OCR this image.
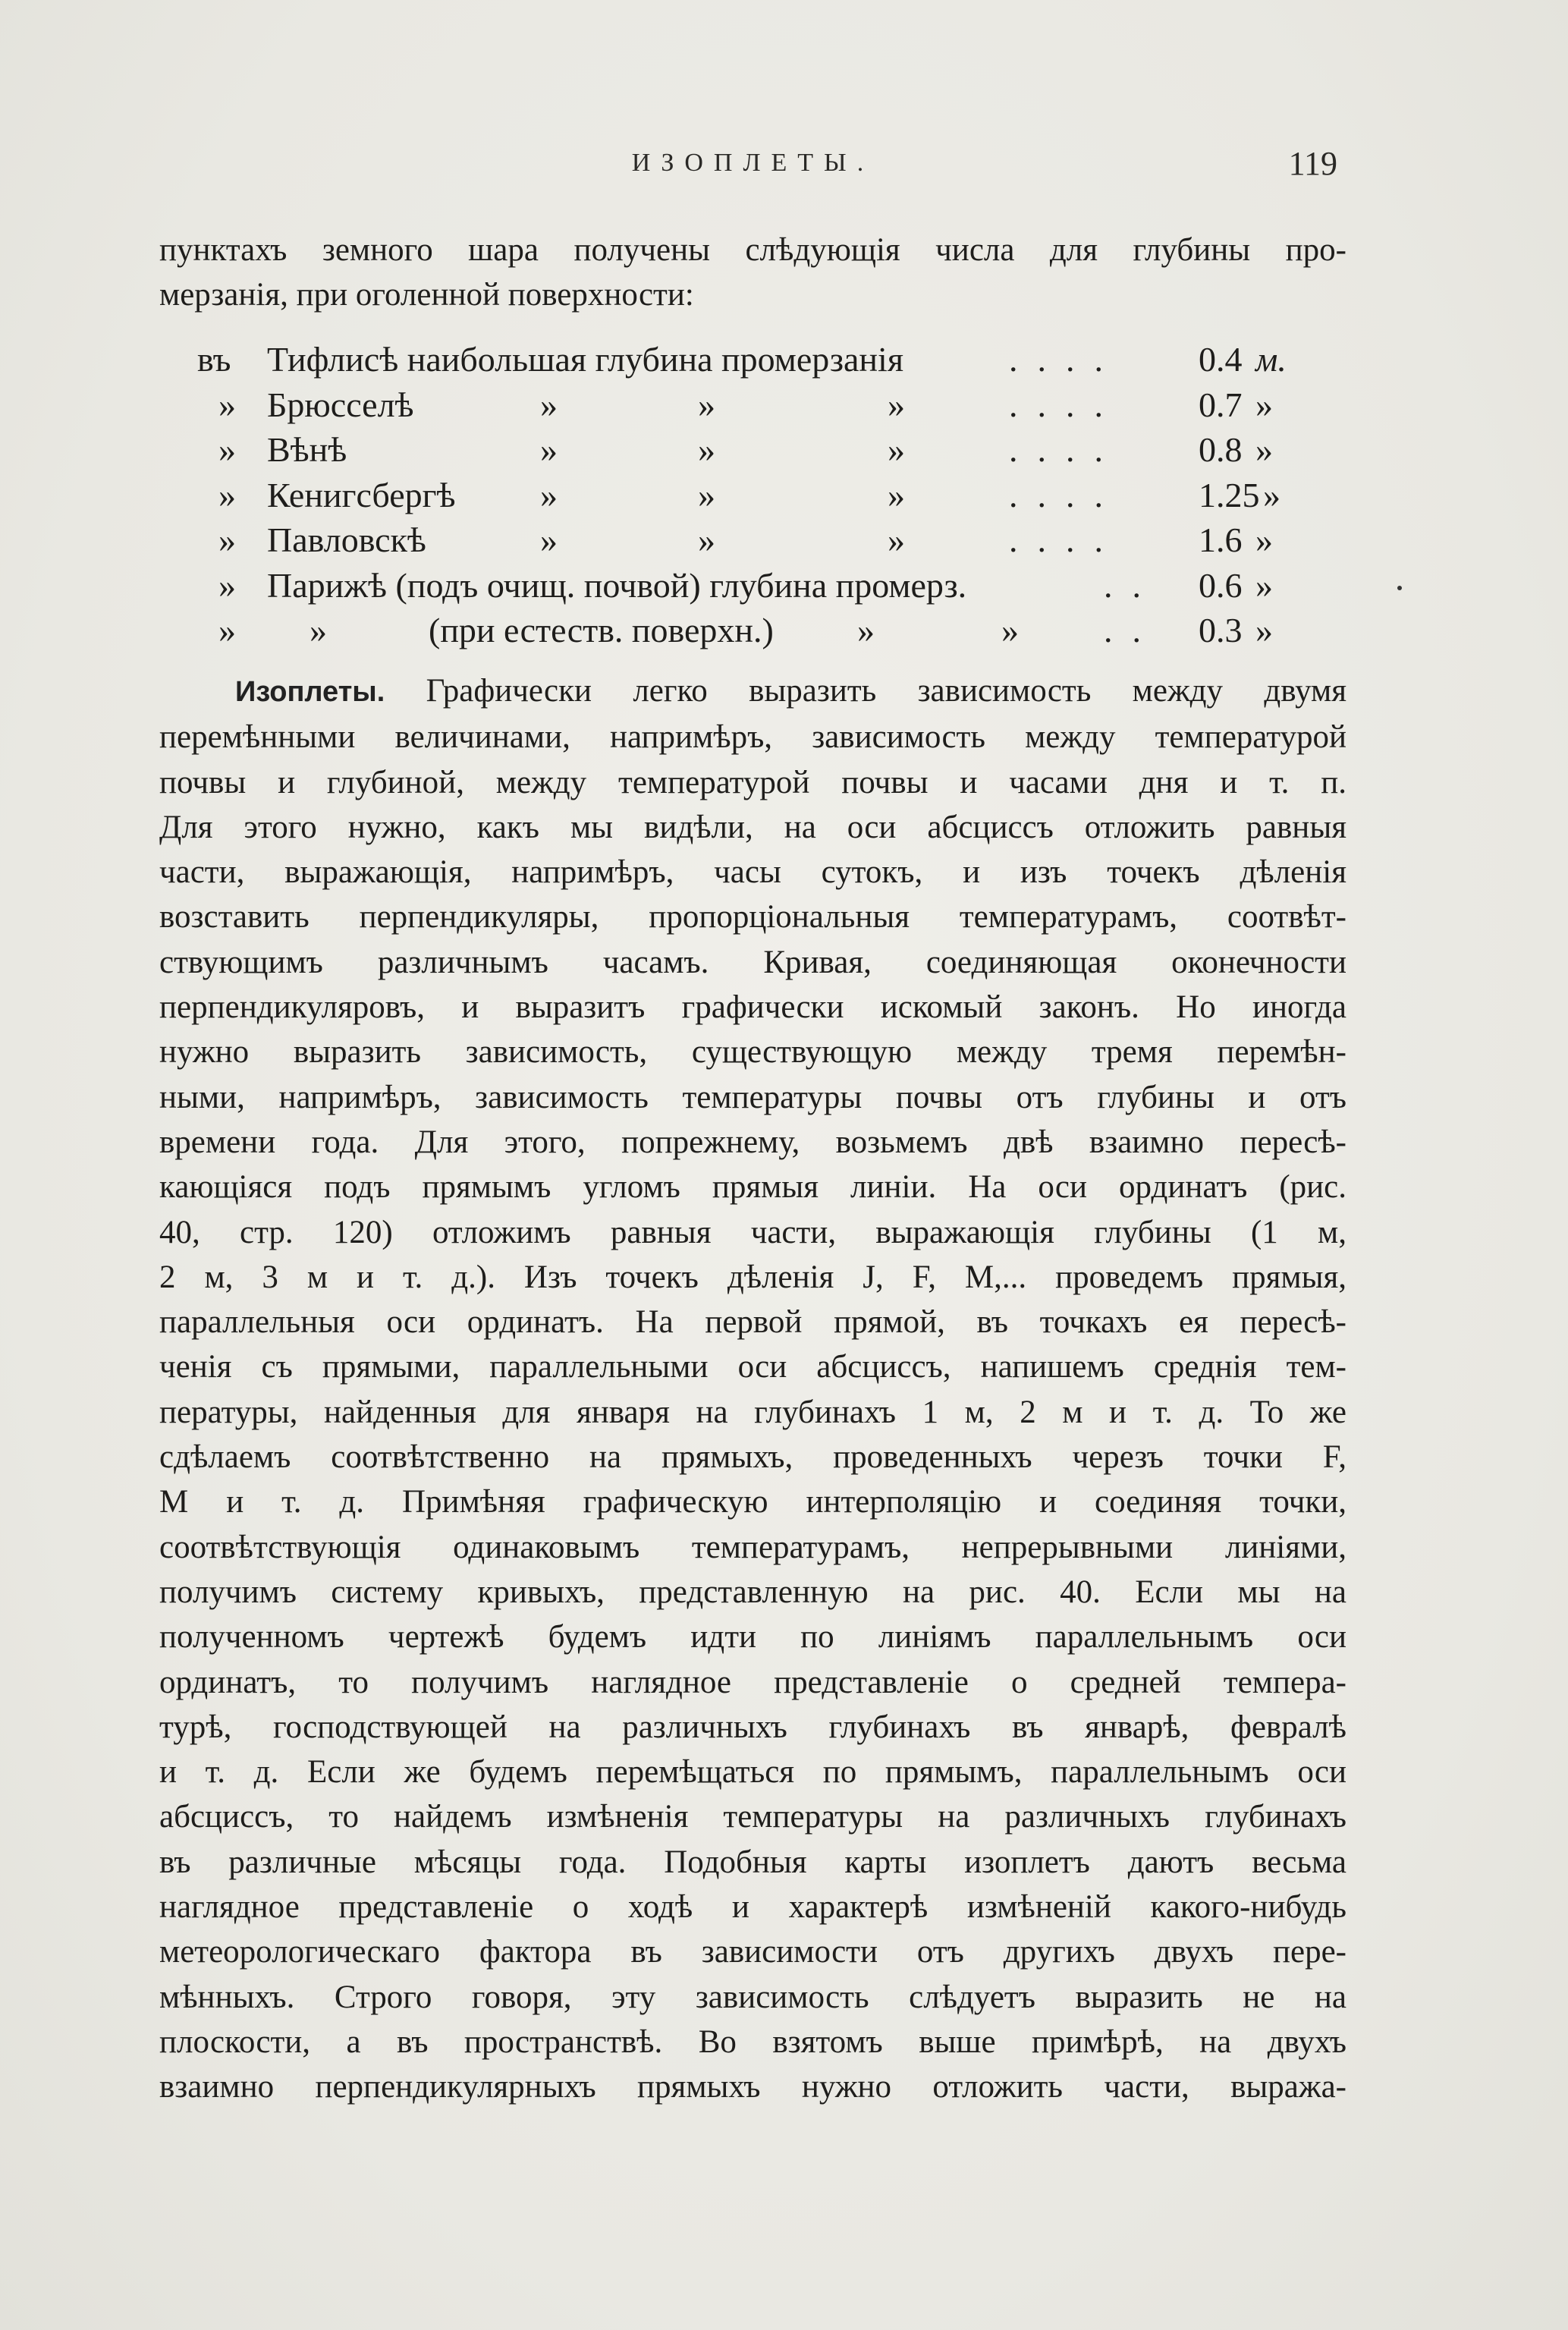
ИЗОПЛЕТЫ.	119
пунктахъ земного шара получены слѣдующія числа для глубины про-
мерзанія, при оголенной поверхности:
въ Тифлисѣ наибольшая глубина промерзанія	.... 0.4 м.
» Брюсселѣ	»	»	»	.... 0.7 »
» Вѣнѣ	»	»	»	.... 0.8 »
» Кенигсбергѣ »	»	»	.... 1.25 »
» Павловскѣ	»	»	»	.... 1.6 »
» Парижѣ (подъ очищ. почвой) глубина промерз.	.. 0.6 »
» »	(при естеств. поверхн.) »	» .. 0.3 »
Изоплеты. Графически легко выразить зависимость между двумя
перемѣнными величинами, напримѣръ, зависимость между температурой
почвы и глубиной, между температурой почвы и часами дня и т. п.
Для этого нужно, какъ мы видѣли, на оси абсциссъ отложить равныя
части, выражающія, напримѣръ, часы сутокъ, и изъ точекъ дѣленія
возставить перпендикуляры, пропорціональныя температурамъ, соотвѣт-
ствующимъ различнымъ часамъ. Кривая, соединяющая оконечности
перпендикуляровъ, и выразитъ графически искомый законъ. Но иногда
нужно выразить зависимость, существующую между тремя перемѣн-
ными, напримѣръ, зависимость температуры почвы отъ глубины и отъ
времени года. Для этого, попрежнему, возьмемъ двѣ взаимно пересѣ-
кающіяся подъ прямымъ угломъ прямыя линіи. На оси ординатъ (рис.
40, стр. 120) отложимъ равныя части, выражающія глубины (1 м,
2 м, 3 м и т. д.). Изъ точекъ дѣленія J, F, M,... проведемъ прямыя,
параллельныя оси ординатъ. На первой прямой, въ точкахъ ея пересѣ-
ченія съ прямыми, параллельными оси абсциссъ, напишемъ среднія тем-
пературы, найденныя для января на глубинахъ 1 м, 2 м и т. д. То же
сдѣлаемъ соотвѣтственно на прямыхъ, проведенныхъ черезъ точки F,
M и т. д. Примѣняя графическую интерполяцію и соединяя точки,
соотвѣтствующія одинаковымъ температурамъ, непрерывными линіями,
получимъ систему кривыхъ, представленную на рис. 40. Если мы на
полученномъ чертежѣ будемъ идти по линіямъ параллельнымъ оси
ординатъ, то получимъ наглядное представленіе о средней темпера-
турѣ, господствующей на различныхъ глубинахъ въ январѣ, февралѣ
и т. д. Если же будемъ перемѣщаться по прямымъ, параллельнымъ оси
абсциссъ, то найдемъ измѣненія температуры на различныхъ глубинахъ
въ различные мѣсяцы года. Подобныя карты изоплетъ даютъ весьма
наглядное представленіе о ходѣ и характерѣ измѣненій какого-нибудь
метеорологическаго фактора въ зависимости отъ другихъ двухъ пере-
мѣнныхъ. Строго говоря, эту зависимость слѣдуетъ выразить не на
плоскости, а въ пространствѣ. Во взятомъ выше примѣрѣ, на двухъ
взаимно перпендикулярныхъ прямыхъ нужно отложить части, выража-
